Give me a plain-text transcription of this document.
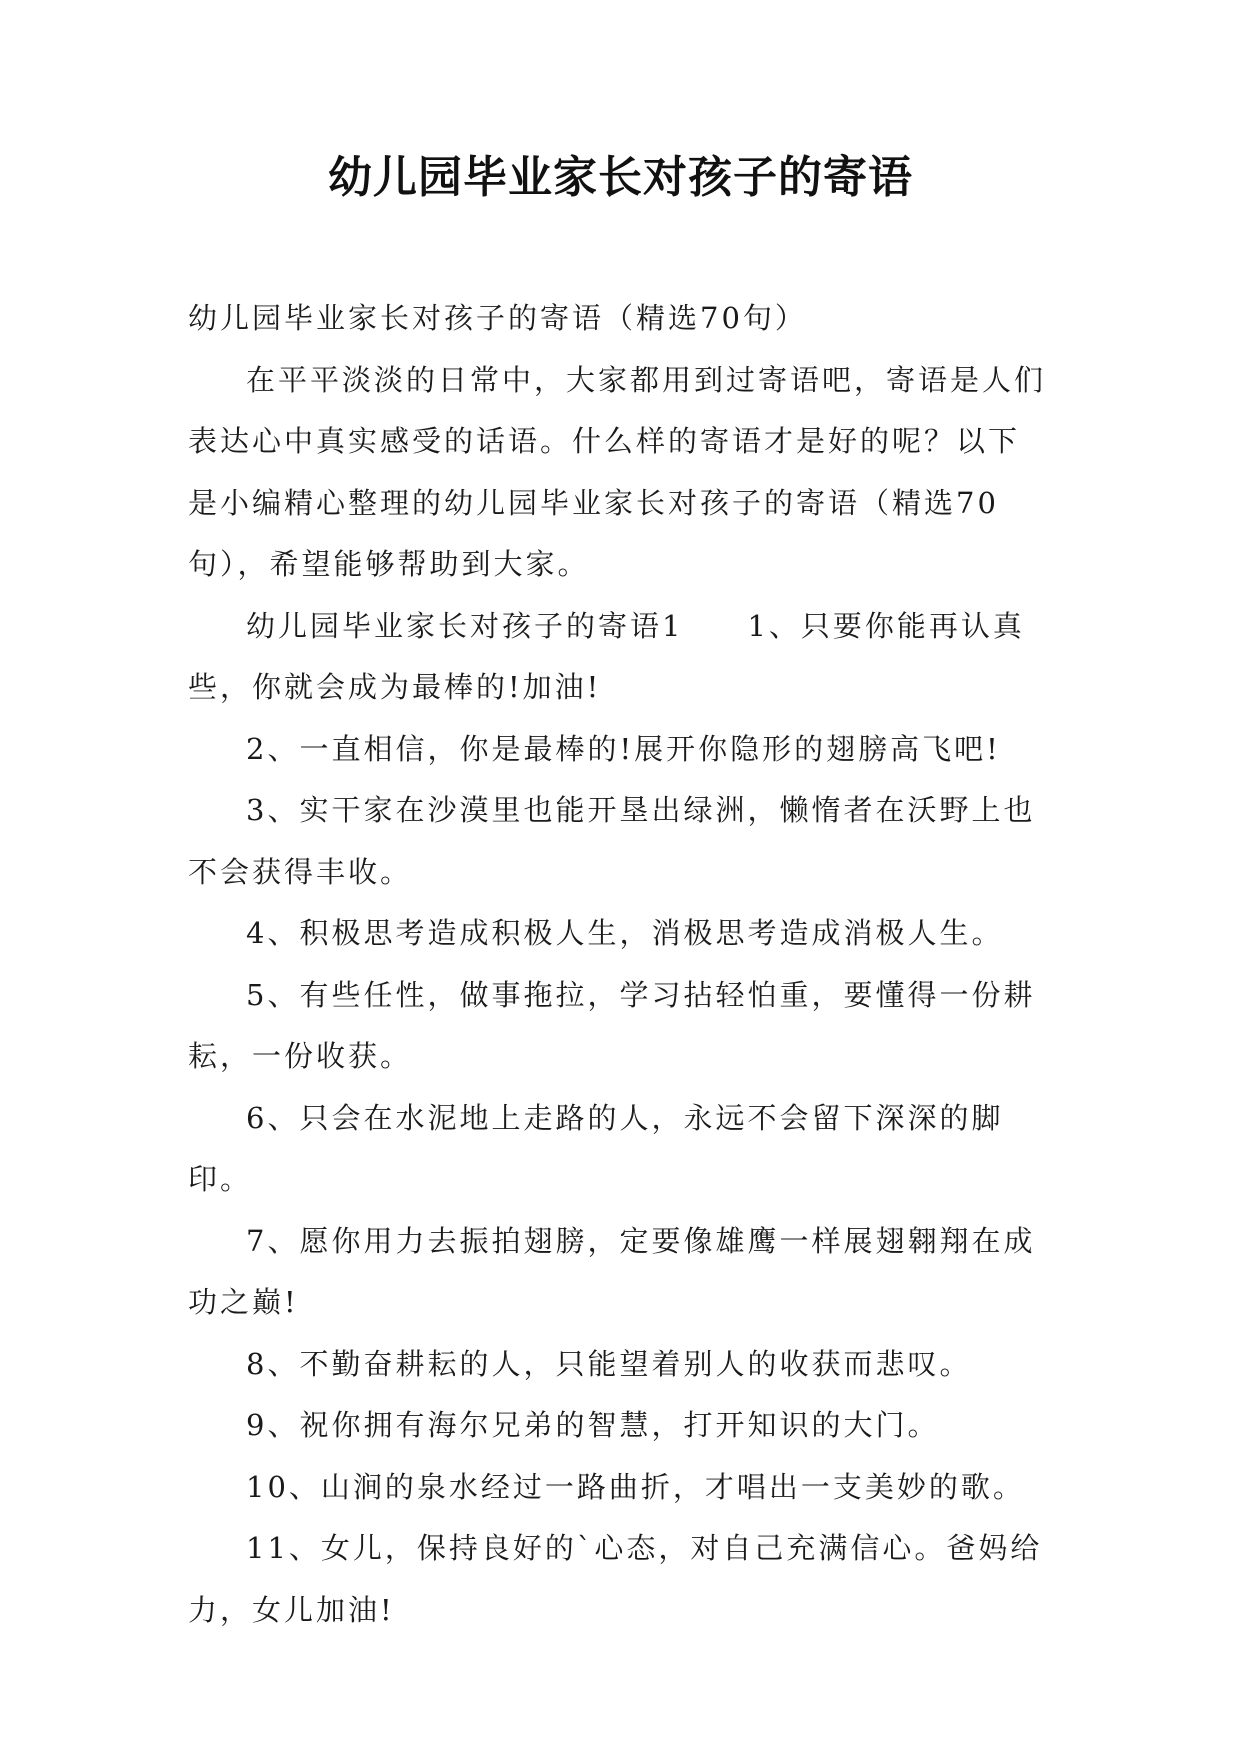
幼儿园毕业家长对孩子的寄语

幼儿园毕业家长对孩子的寄语（精选70句）

在平平淡淡的日常中，大家都用到过寄语吧，寄语是人们表达心中真实感受的话语。什么样的寄语才是好的呢？以下是小编精心整理的幼儿园毕业家长对孩子的寄语（精选70句），希望能够帮助到大家。

幼儿园毕业家长对孩子的寄语1　　 1、只要你能再认真些，你就会成为最棒的!加油!

2、一直相信，你是最棒的!展开你隐形的翅膀高飞吧!

3、实干家在沙漠里也能开垦出绿洲，懒惰者在沃野上也不会获得丰收。

4、积极思考造成积极人生，消极思考造成消极人生。

5、有些任性，做事拖拉，学习拈轻怕重，要懂得一份耕耘，一份收获。

6、只会在水泥地上走路的人，永远不会留下深深的脚印。

7、愿你用力去振拍翅膀，定要像雄鹰一样展翅翱翔在成功之巅!

8、不勤奋耕耘的人，只能望着别人的收获而悲叹。

9、祝你拥有海尔兄弟的智慧，打开知识的大门。

10、山涧的泉水经过一路曲折，才唱出一支美妙的歌。

11、女儿，保持良好的`心态，对自己充满信心。爸妈给力，女儿加油!
